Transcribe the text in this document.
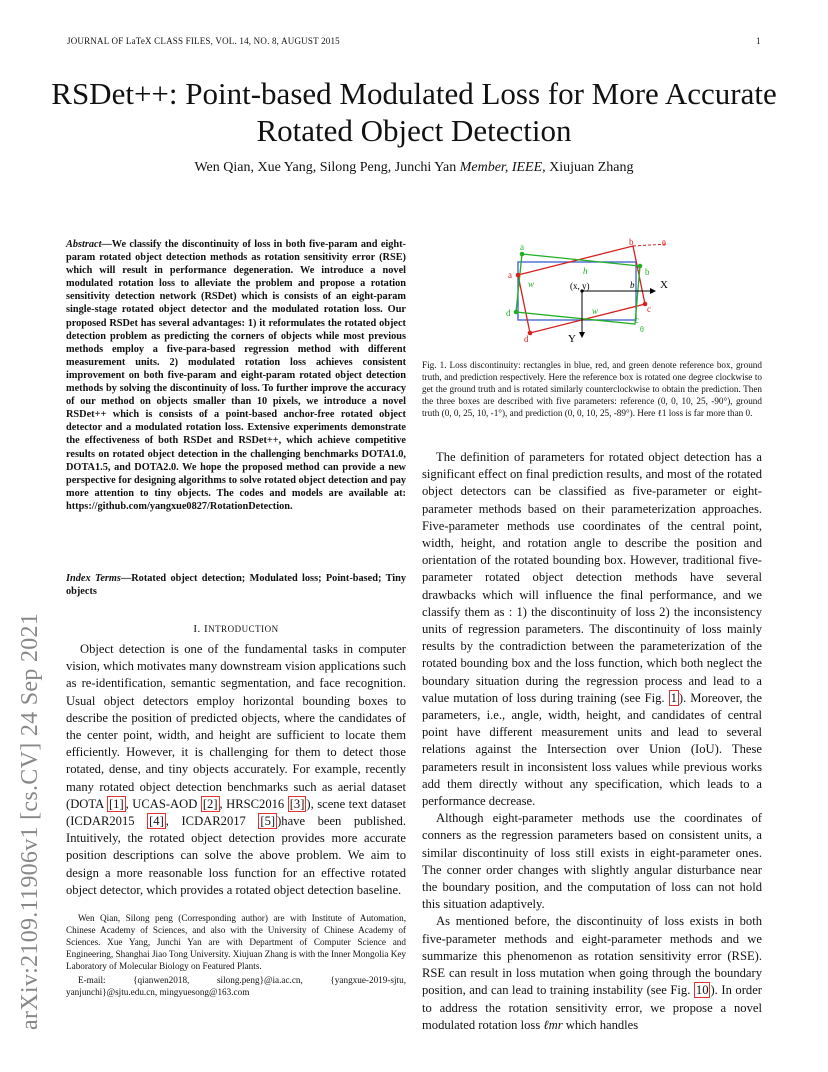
JOURNAL OF LaTeX CLASS FILES, VOL. 14, NO. 8, AUGUST 2015	1
RSDet++: Point-based Modulated Loss for More Accurate Rotated Object Detection
Wen Qian, Xue Yang, Silong Peng, Junchi Yan Member, IEEE, Xiujuan Zhang
arXiv:2109.11906v1 [cs.CV] 24 Sep 2021
Abstract—We classify the discontinuity of loss in both five-param and eight-param rotated object detection methods as rotation sensitivity error (RSE) which will result in performance degeneration. We introduce a novel modulated rotation loss to alleviate the problem and propose a rotation sensitivity detection network (RSDet) which is consists of an eight-param single-stage rotated object detector and the modulated rotation loss. Our proposed RSDet has several advantages: 1) it reformulates the rotated object detection problem as predicting the corners of objects while most previous methods employ a five-para-based regression method with different measurement units. 2) modulated rotation loss achieves consistent improvement on both five-param and eight-param rotated object detection methods by solving the discontinuity of loss. To further improve the accuracy of our method on objects smaller than 10 pixels, we introduce a novel RSDet++ which is consists of a point-based anchor-free rotated object detector and a modulated rotation loss. Extensive experiments demonstrate the effectiveness of both RSDet and RSDet++, which achieve competitive results on rotated object detection in the challenging benchmarks DOTA1.0, DOTA1.5, and DOTA2.0. We hope the proposed method can provide a new perspective for designing algorithms to solve rotated object detection and pay more attention to tiny objects. The codes and models are available at: https://github.com/yangxue0827/RotationDetection.
Index Terms—Rotated object detection; Modulated loss; Point-based; Tiny objects
I. INTRODUCTION

Object detection is one of the fundamental tasks in computer vision, which motivates many downstream vision applications such as re-identification, semantic segmentation, and face recognition. Usual object detectors employ horizontal bounding boxes to describe the position of predicted objects, where the candidates of the center point, width, and height are sufficient to locate them efficiently. However, it is challenging for them to detect those rotated, dense, and tiny objects accurately. For example, recently many rotated object detection benchmarks such as aerial dataset (DOTA [1] , UCAS-AOD [2] , HRSC2016 [3] ), scene text dataset (ICDAR2015 [4] , ICDAR2017 [5] )have been published. Intuitively, the rotated object detection provides more accurate position descriptions can solve the above problem. We aim to design a more reasonable loss function for an effective rotated object detector, which provides a rotated object detection baseline.

Wen Qian, Silong peng (Corresponding author) are with Institute of Automation, Chinese Academy of Sciences, and also with the University of Chinese Academy of Sciences. Xue Yang, Junchi Yan are with Department of Computer Science and Engineering, Shanghai Jiao Tong University. Xiujuan Zhang is with the Inner Mongolia Key Laboratory of Molecular Biology on Featured Plants.

E-mail: {qianwen2018, silong.peng}@ia.ac.cn, {yangxue-2019-sjtu, yanjunchi}@sjtu.edu.cn, mingyuesong@163.com

a
a
b
b
h
w	b
(x, y)	X
Y
w	c
c
d
d
θ
θ
Fig. 1. Loss discontinuity: rectangles in blue, red, and green denote reference box, ground truth, and prediction respectively. Here the reference box is rotated one degree clockwise to get the ground truth and is rotated similarly counterclockwise to obtain the prediction. Then the three boxes are described with five parameters: reference (0, 0, 10, 25, -90°), ground truth (0, 0, 25, 10, -1°), and prediction (0, 0, 10, 25, -89°). Here ℓ1 loss is far more than 0.

The definition of parameters for rotated object detection has a significant effect on final prediction results, and most of the rotated object detectors can be classified as five-parameter or eight-parameter methods based on their parameterization approaches. Five-parameter methods use coordinates of the central point, width, height, and rotation angle to describe the position and orientation of the rotated bounding box. However, traditional five-parameter rotated object detection methods have several drawbacks which will influence the final performance, and we classify them as : 1) the discontinuity of loss 2) the inconsistency units of regression parameters. The discontinuity of loss mainly results by the contradiction between the parameterization of the rotated bounding box and the loss function, which both neglect the boundary situation during the regression process and lead to a value mutation of loss during training (see Fig. 1 ). Moreover, the parameters, i.e., angle, width, height, and candidates of central point have different measurement units and lead to several relations against the Intersection over Union (IoU). These parameters result in inconsistent loss values while previous works add them directly without any specification, which leads to a performance decrease.

Although eight-parameter methods use the coordinates of conners as the regression parameters based on consistent units, a similar discontinuity of loss still exists in eight-parameter ones. The conner order changes with slightly angular disturbance near the boundary position, and the computation of loss can not hold this situation adaptively.

As mentioned before, the discontinuity of loss exists in both five-parameter methods and eight-parameter methods and we summarize this phenomenon as rotation sensitivity error (RSE). RSE can result in loss mutation when going through the boundary position, and can lead to training instability (see Fig. 10 ). In order to address the rotation sensitivity error, we propose a novel modulated rotation loss ℓmr which handles
